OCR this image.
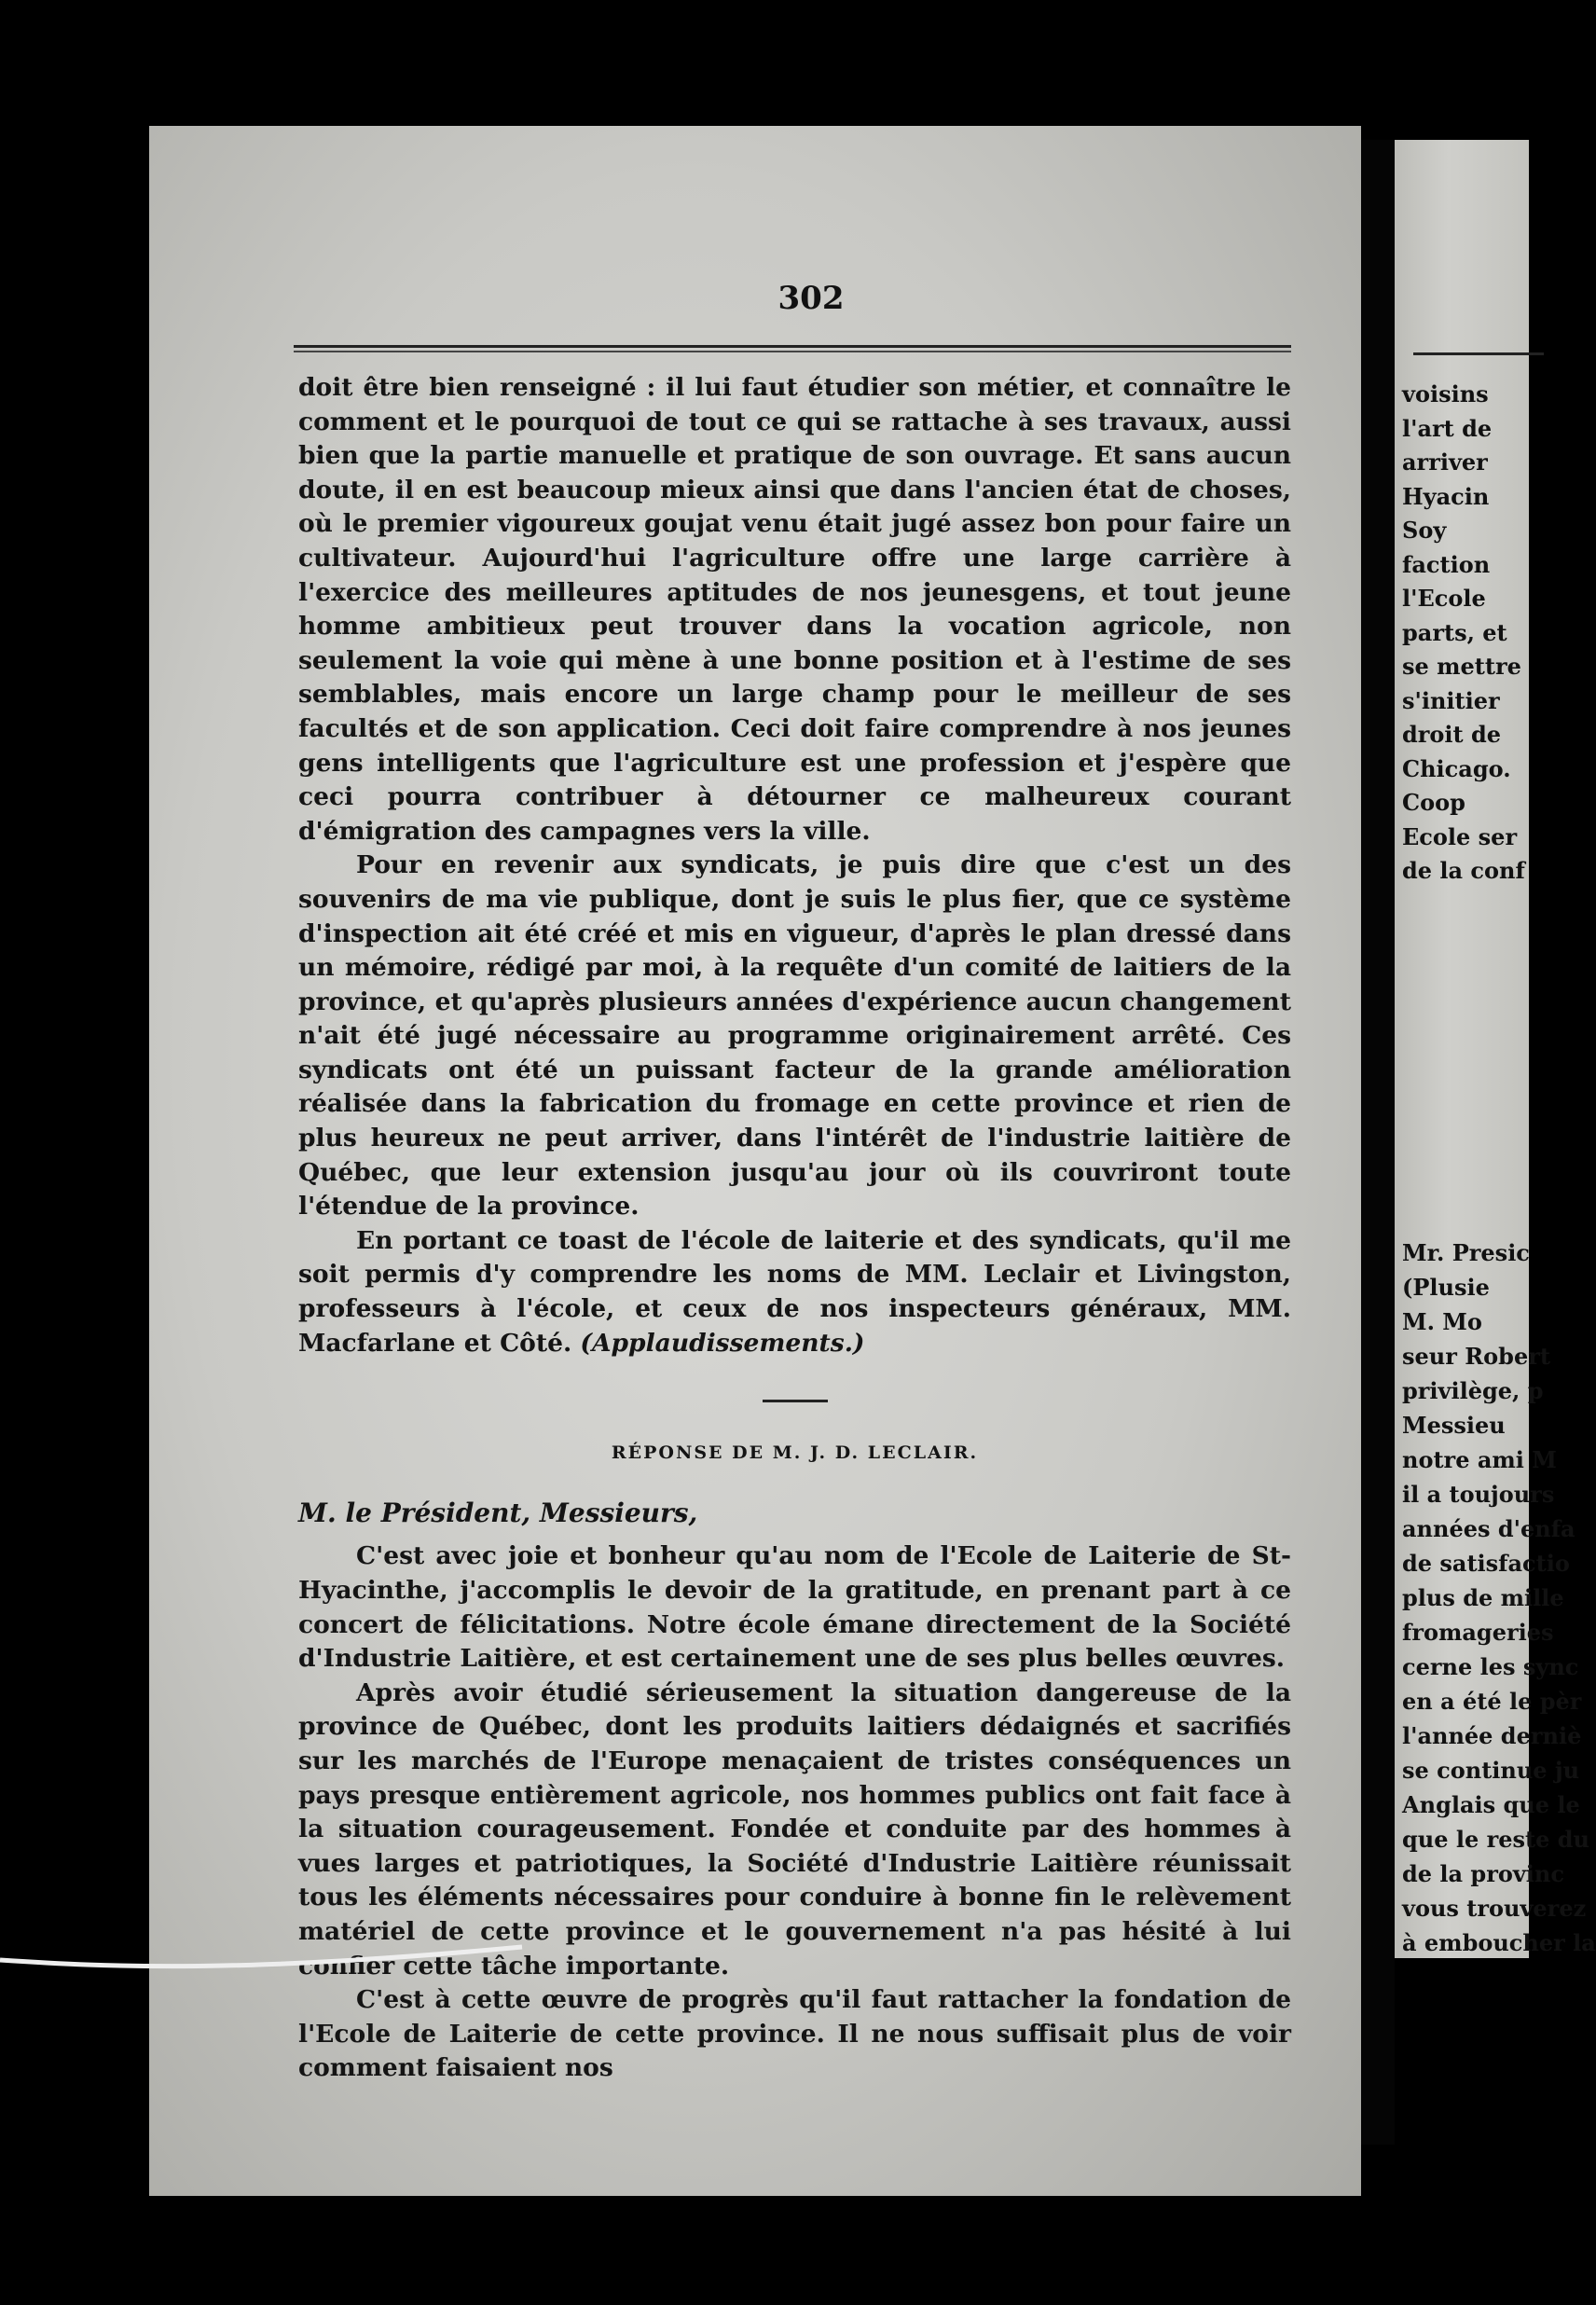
voisins
l'art de
arriver
Hyacin
Soy
faction
l'Ecole
parts, et
se mettre
s'initier
droit de
Chicago.
Coop
Ecole ser
de la conf
Mr. Presic
(Plusie
M. Mo
seur Robert
privilège, p
Messieu
notre ami M
il a toujours
années d'enfa
de satisfactio
plus de mille
fromageries
cerne les sync
en a été le pèr
l'année derniè
se continue ju
Anglais que le
que le reste du
de la provinc
vous trouverez
à emboucher la
302

doit être bien renseigné : il lui faut étudier son métier, et connaître le comment et le pourquoi de tout ce qui se rattache à ses travaux, aussi bien que la partie manuelle et pratique de son ouvrage. Et sans aucun doute, il en est beaucoup mieux ainsi que dans l'ancien état de choses, où le premier vigoureux goujat venu était jugé assez bon pour faire un cultivateur. Aujourd'hui l'agriculture offre une large carrière à l'exercice des meilleures aptitudes de nos jeunesgens, et tout jeune homme ambitieux peut trouver dans la vocation agricole, non seulement la voie qui mène à une bonne position et à l'estime de ses semblables, mais encore un large champ pour le meilleur de ses facultés et de son application. Ceci doit faire comprendre à nos jeunes gens intelligents que l'agriculture est une profession et j'espère que ceci pourra contribuer à détourner ce malheureux courant d'émigration des campagnes vers la ville.

Pour en revenir aux syndicats, je puis dire que c'est un des souvenirs de ma vie publique, dont je suis le plus fier, que ce système d'inspection ait été créé et mis en vigueur, d'après le plan dressé dans un mémoire, rédigé par moi, à la requête d'un comité de laitiers de la province, et qu'après plusieurs années d'expérience aucun changement n'ait été jugé nécessaire au programme originairement arrêté. Ces syndicats ont été un puissant facteur de la grande amélioration réalisée dans la fabrication du fromage en cette province et rien de plus heureux ne peut arriver, dans l'intérêt de l'industrie laitière de Québec, que leur extension jusqu'au jour où ils couvriront toute l'étendue de la province.

En portant ce toast de l'école de laiterie et des syndicats, qu'il me soit permis d'y comprendre les noms de MM. Leclair et Livingston, professeurs à l'école, et ceux de nos inspecteurs généraux, MM. Macfarlane et Côté. (Applaudissements.)

RÉPONSE DE M. J. D. LECLAIR.
M. le Président, Messieurs,

C'est avec joie et bonheur qu'au nom de l'Ecole de Laiterie de St-Hyacinthe, j'accomplis le devoir de la gratitude, en prenant part à ce concert de félicitations. Notre école émane directement de la Société d'Industrie Laitière, et est certainement une de ses plus belles œuvres.

Après avoir étudié sérieusement la situation dangereuse de la province de Québec, dont les produits laitiers dédaignés et sacrifiés sur les marchés de l'Europe menaçaient de tristes conséquences un pays presque entièrement agricole, nos hommes publics ont fait face à la situation courageusement. Fondée et conduite par des hommes à vues larges et patriotiques, la Société d'Industrie Laitière réunissait tous les éléments nécessaires pour conduire à bonne fin le relèvement matériel de cette province et le gouvernement n'a pas hésité à lui confier cette tâche importante.

C'est à cette œuvre de progrès qu'il faut rattacher la fondation de l'Ecole de Laiterie de cette province. Il ne nous suffisait plus de voir comment faisaient nos
